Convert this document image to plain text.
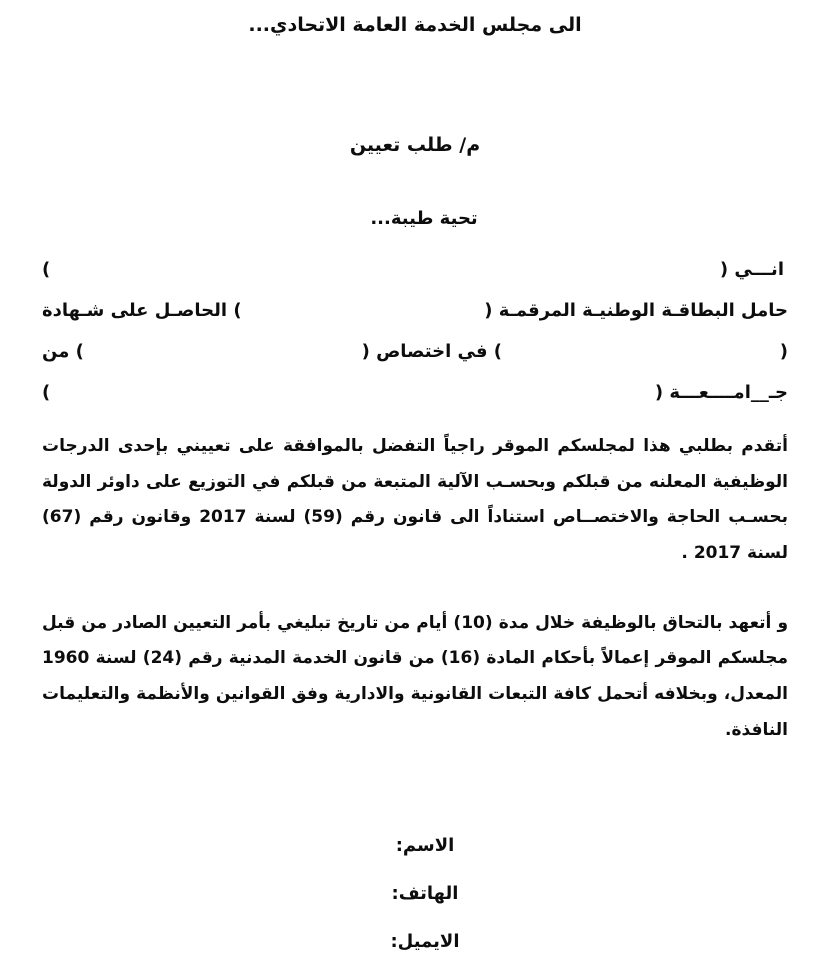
الى مجلس الخدمة العامة الاتحادي...
م/ طلب تعيين
تحية طيبة...
انـــي (
)
حامل البطاقـة الوطنيـة المرقمـة (
) الحاصـل على شـهادة
(
) في اختصاص (
) من
جـ__امــــعـــة (
)

أتقدم بطلبي هذا لمجلسكم الموقر راجياً التفضل بالموافقة على تعييني بإحدى الدرجات الوظيفية المعلنه من قبلكم وبحسـب الآلية المتبعة من قبلكم في التوزيع على داوئر الدولة بحسـب الحاجة والاختصــاص استناداً الى قانون رقم (59) لسنة 2017 وقانون رقم (67) لسنة 2017 .

و أتعهد بالتحاق بالوظيفة خلال مدة (10) أيام من تاريخ تبليغي بأمر التعيين الصادر من قبل مجلسكم الموقر إعمالاً بأحكام المادة (16) من قانون الخدمة المدنية رقم (24) لسنة 1960 المعدل، وبخلافه أتحمل كافة التبعات القانونية والادارية وفق القوانين والأنظمة والتعليمات النافذة.

الاسم:
الهاتف:
الايميل:
